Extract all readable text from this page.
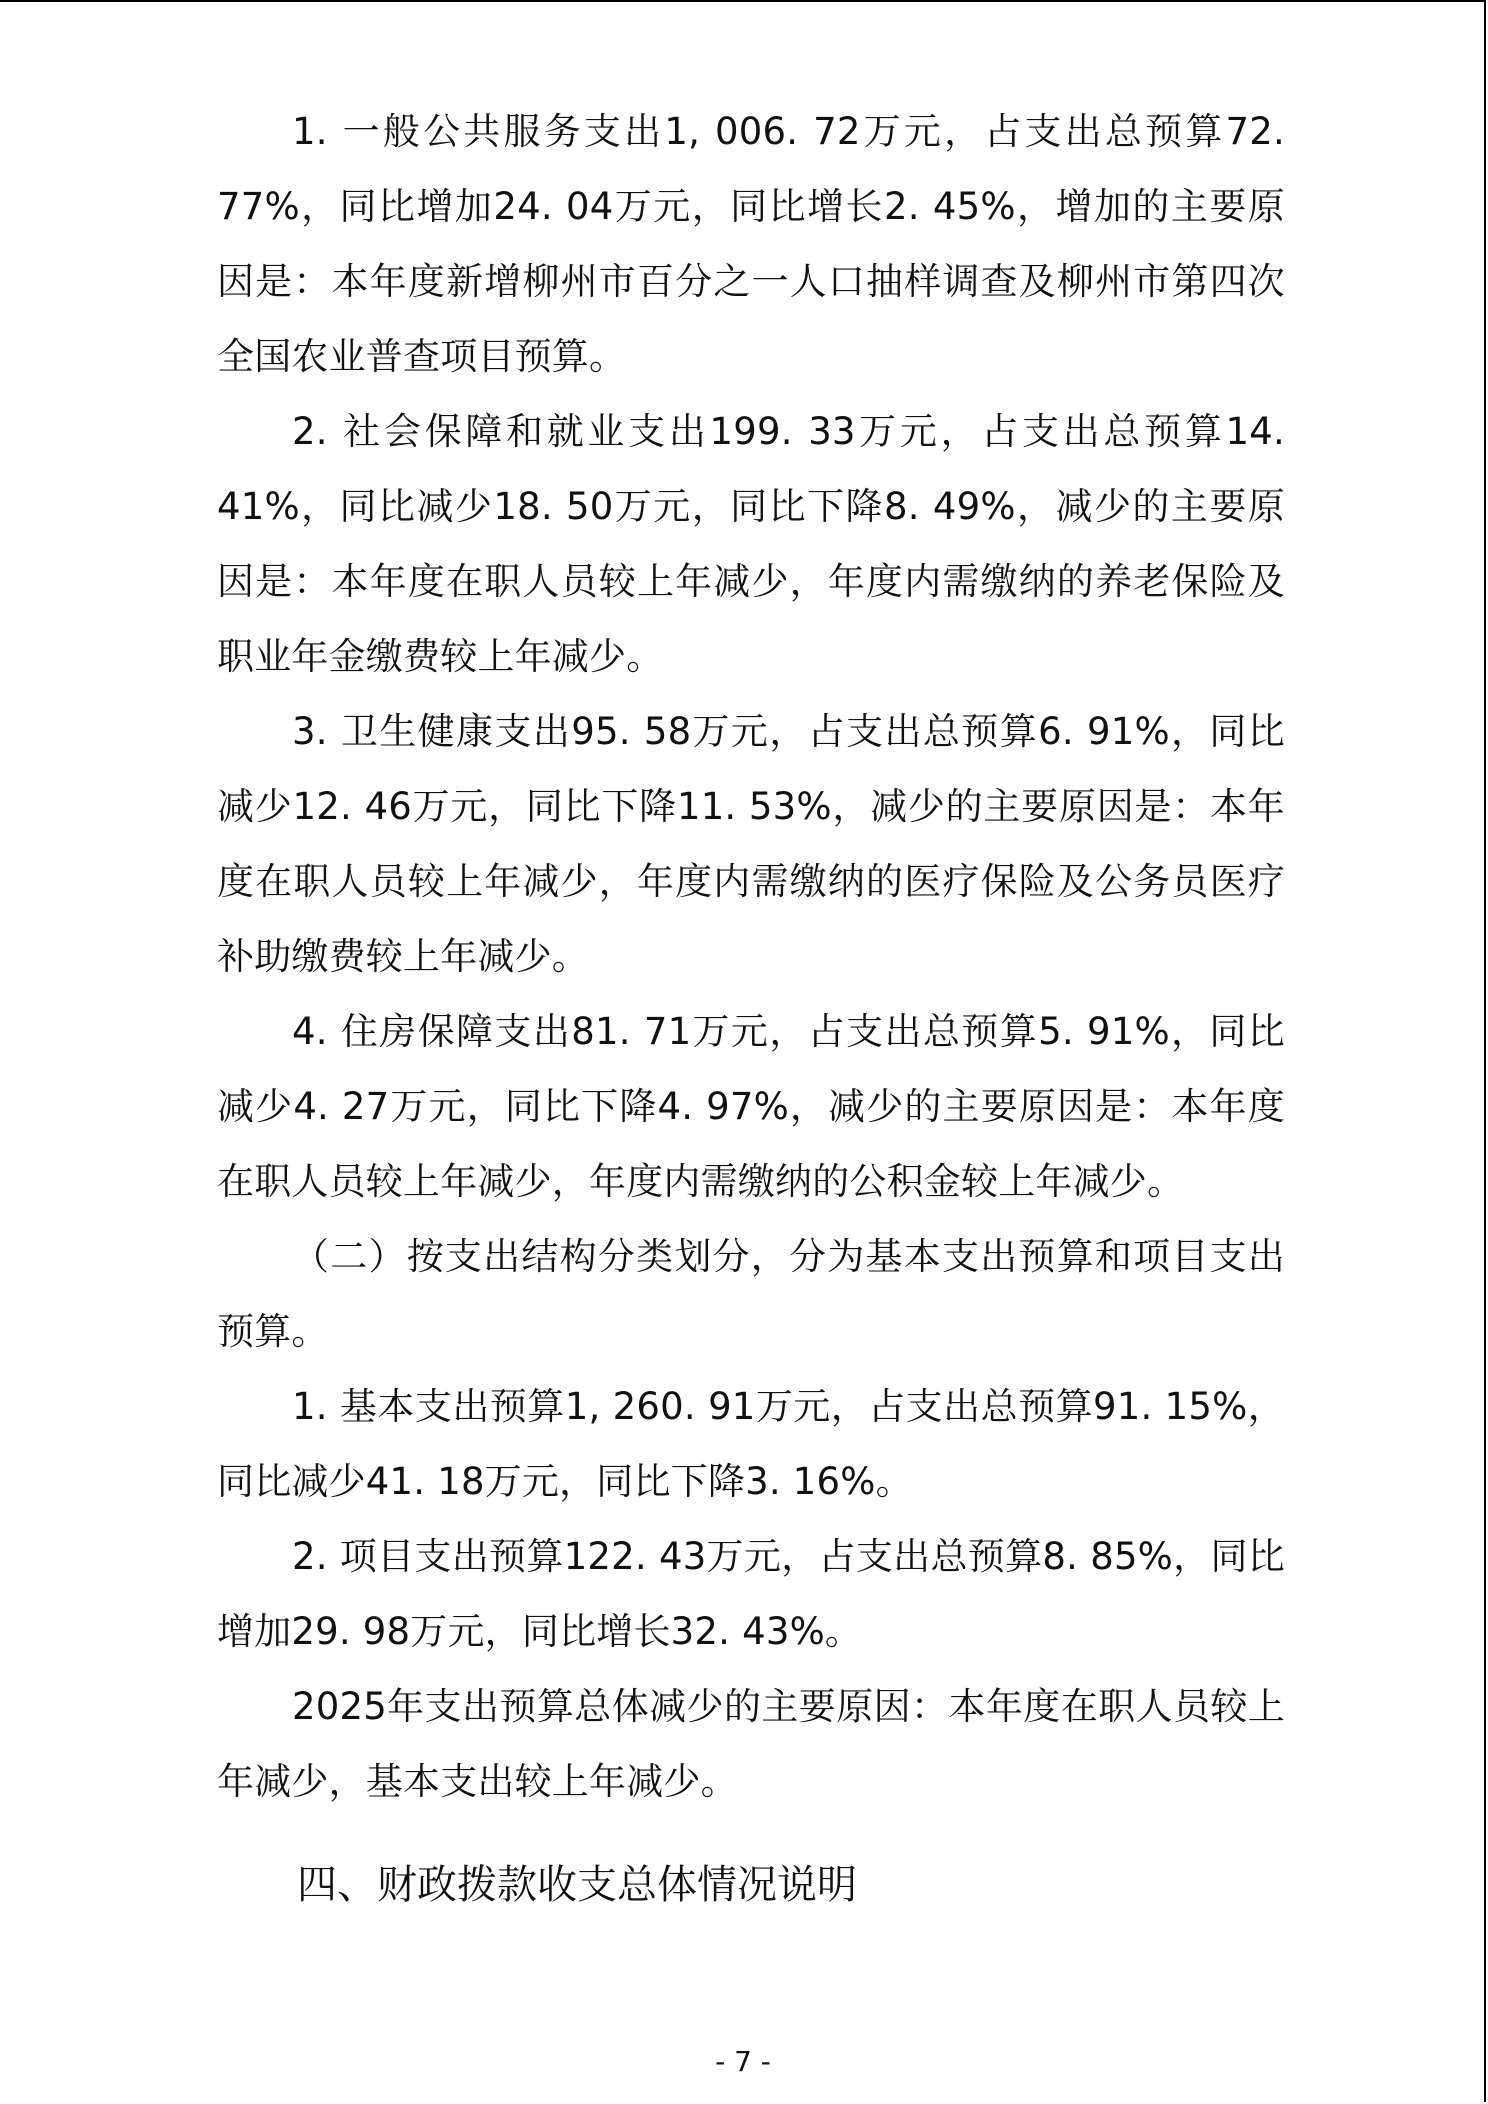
1. 一般公共服务支出1, 006. 72万元，占支出总预算72. 77%，同比增加24. 04万元，同比增长2. 45%，增加的主要原因是：本年度新增柳州市百分之一人口抽样调查及柳州市第四次全国农业普查项目预算。

2. 社会保障和就业支出199. 33万元，占支出总预算14. 41%，同比减少18. 50万元，同比下降8. 49%，减少的主要原因是：本年度在职人员较上年减少，年度内需缴纳的养老保险及职业年金缴费较上年减少。

3. 卫生健康支出95. 58万元，占支出总预算6. 91%，同比减少12. 46万元，同比下降11. 53%，减少的主要原因是：本年度在职人员较上年减少，年度内需缴纳的医疗保险及公务员医疗补助缴费较上年减少。

4. 住房保障支出81. 71万元，占支出总预算5. 91%，同比减少4. 27万元，同比下降4. 97%，减少的主要原因是：本年度在职人员较上年减少，年度内需缴纳的公积金较上年减少。

（二）按支出结构分类划分，分为基本支出预算和项目支出预算。

1. 基本支出预算1, 260. 91万元，占支出总预算91. 15%，同比减少41. 18万元，同比下降3. 16%。

2. 项目支出预算122. 43万元，占支出总预算8. 85%，同比增加29. 98万元，同比增长32. 43%。

2025年支出预算总体减少的主要原因：本年度在职人员较上年减少，基本支出较上年减少。

四、财政拨款收支总体情况说明
- 7 -
